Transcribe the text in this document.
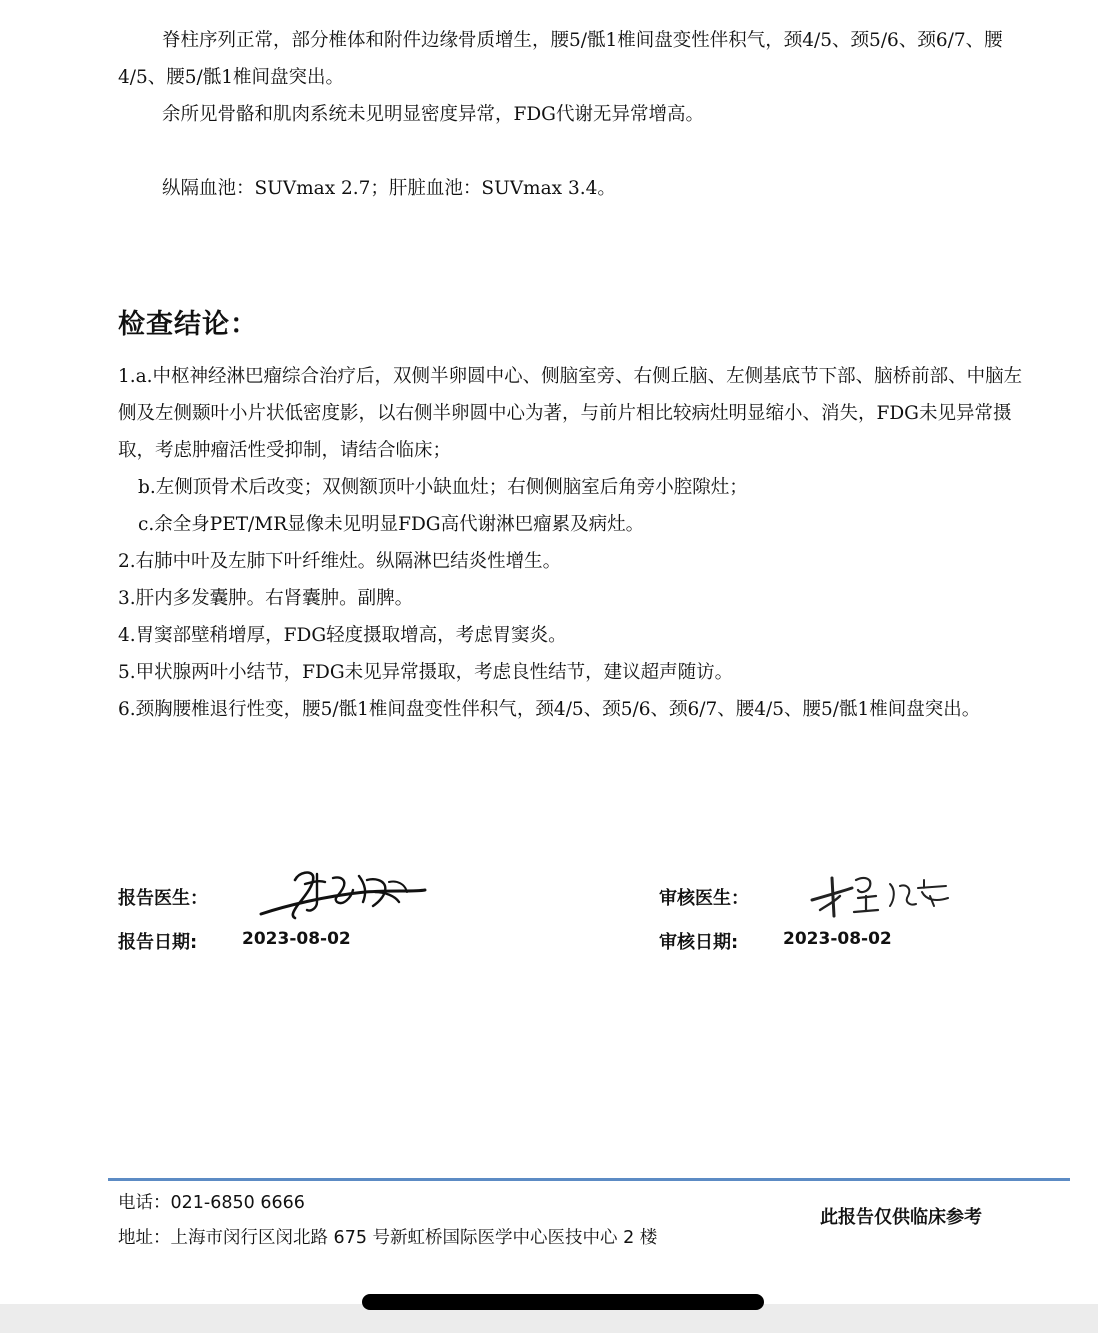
脊柱序列正常，部分椎体和附件边缘骨质增生，腰5/骶1椎间盘变性伴积气，颈4/5、颈5/6、颈6/7、腰4/5、腰5/骶1椎间盘突出。

余所见骨骼和肌肉系统未见明显密度异常，FDG代谢无异常增高。

纵隔血池：SUVmax 2.7；肝脏血池：SUVmax 3.4。

检查结论：

1.a.中枢神经淋巴瘤综合治疗后，双侧半卵圆中心、侧脑室旁、右侧丘脑、左侧基底节下部、脑桥前部、中脑左侧及左侧颞叶小片状低密度影，以右侧半卵圆中心为著，与前片相比较病灶明显缩小、消失，FDG未见异常摄取，考虑肿瘤活性受抑制，请结合临床；

b.左侧顶骨术后改变；双侧额顶叶小缺血灶；右侧侧脑室后角旁小腔隙灶；

c.余全身PET/MR显像未见明显FDG高代谢淋巴瘤累及病灶。

2.右肺中叶及左肺下叶纤维灶。纵隔淋巴结炎性增生。

3.肝内多发囊肿。右肾囊肿。副脾。

4.胃窦部壁稍增厚，FDG轻度摄取增高，考虑胃窦炎。

5.甲状腺两叶小结节，FDG未见异常摄取，考虑良性结节，建议超声随访。

6.颈胸腰椎退行性变，腰5/骶1椎间盘变性伴积气，颈4/5、颈5/6、颈6/7、腰4/5、腰5/骶1椎间盘突出。

报告医生：
报告日期:	2023-08-02
审核医生：
审核日期:	2023-08-02
电话：021-6850 6666
地址：上海市闵行区闵北路 675 号新虹桥国际医学中心医技中心 2 楼
此报告仅供临床参考
